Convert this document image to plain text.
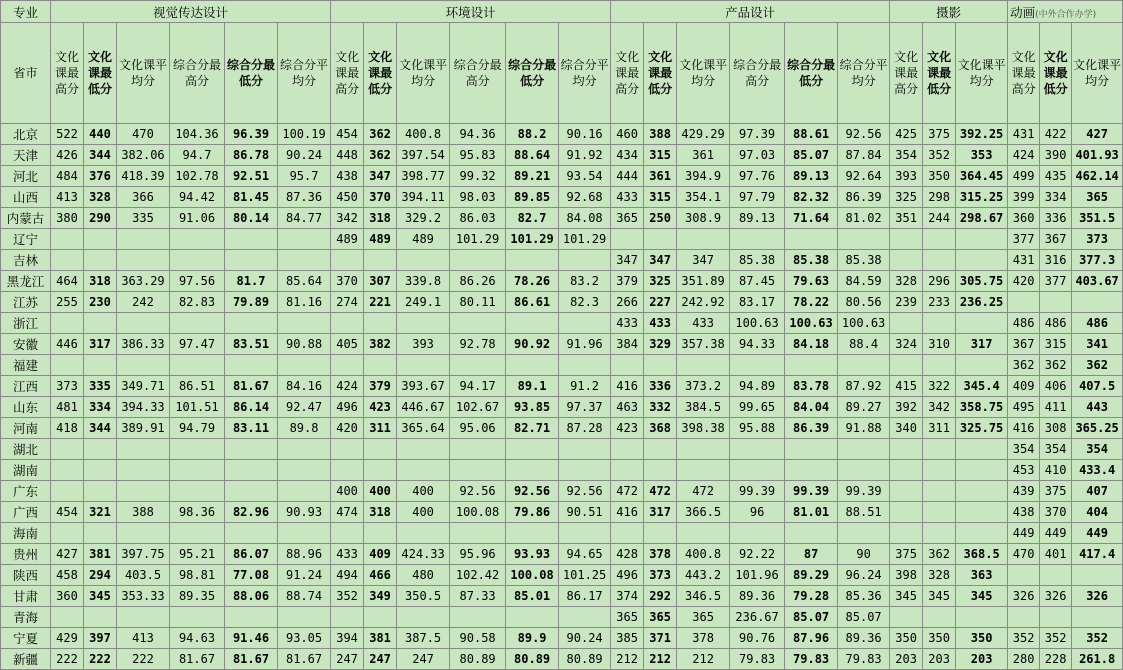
专业	视觉传达设计						环境设计						产品设计						摄影			动画(中外合作办学)		
省市	文化课最高分	文化课最低分	文化课平均分	综合分最高分	综合分最低分	综合分平均分	文化课最高分	文化课最低分	文化课平均分	综合分最高分	综合分最低分	综合分平均分	文化课最高分	文化课最低分	文化课平均分	综合分最高分	综合分最低分	综合分平均分	文化课最高分	文化课最低分	文化课平均分	文化课最高分	文化课最低分	文化课平均分
北京	522	440	470	104.36	96.39	100.19	454	362	400.8	94.36	88.2	90.16	460	388	429.29	97.39	88.61	92.56	425	375	392.25	431	422	427
天津	426	344	382.06	94.7	86.78	90.24	448	362	397.54	95.83	88.64	91.92	434	315	361	97.03	85.07	87.84	354	352	353	424	390	401.93
河北	484	376	418.39	102.78	92.51	95.7	438	347	398.77	99.32	89.21	93.54	444	361	394.9	97.76	89.13	92.64	393	350	364.45	499	435	462.14
山西	413	328	366	94.42	81.45	87.36	450	370	394.11	98.03	89.85	92.68	433	315	354.1	97.79	82.32	86.39	325	298	315.25	399	334	365
内蒙古	380	290	335	91.06	80.14	84.77	342	318	329.2	86.03	82.7	84.08	365	250	308.9	89.13	71.64	81.02	351	244	298.67	360	336	351.5
辽宁							489	489	489	101.29	101.29	101.29										377	367	373
吉林													347	347	347	85.38	85.38	85.38				431	316	377.3
黑龙江	464	318	363.29	97.56	81.7	85.64	370	307	339.8	86.26	78.26	83.2	379	325	351.89	87.45	79.63	84.59	328	296	305.75	420	377	403.67
江苏	255	230	242	82.83	79.89	81.16	274	221	249.1	80.11	86.61	82.3	266	227	242.92	83.17	78.22	80.56	239	233	236.25			
浙江													433	433	433	100.63	100.63	100.63				486	486	486
安徽	446	317	386.33	97.47	83.51	90.88	405	382	393	92.78	90.92	91.96	384	329	357.38	94.33	84.18	88.4	324	310	317	367	315	341
福建																						362	362	362
江西	373	335	349.71	86.51	81.67	84.16	424	379	393.67	94.17	89.1	91.2	416	336	373.2	94.89	83.78	87.92	415	322	345.4	409	406	407.5
山东	481	334	394.33	101.51	86.14	92.47	496	423	446.67	102.67	93.85	97.37	463	332	384.5	99.65	84.04	89.27	392	342	358.75	495	411	443
河南	418	344	389.91	94.79	83.11	89.8	420	311	365.64	95.06	82.71	87.28	423	368	398.38	95.88	86.39	91.88	340	311	325.75	416	308	365.25
湖北																						354	354	354
湖南																						453	410	433.4
广东							400	400	400	92.56	92.56	92.56	472	472	472	99.39	99.39	99.39				439	375	407
广西	454	321	388	98.36	82.96	90.93	474	318	400	100.08	79.86	90.51	416	317	366.5	96	81.01	88.51				438	370	404
海南																						449	449	449
贵州	427	381	397.75	95.21	86.07	88.96	433	409	424.33	95.96	93.93	94.65	428	378	400.8	92.22	87	90	375	362	368.5	470	401	417.4
陕西	458	294	403.5	98.81	77.08	91.24	494	466	480	102.42	100.08	101.25	496	373	443.2	101.96	89.29	96.24	398	328	363			
甘肃	360	345	353.33	89.35	88.06	88.74	352	349	350.5	87.33	85.01	86.17	374	292	346.5	89.36	79.28	85.36	345	345	345	326	326	326
青海													365	365	365	236.67	85.07	85.07						
宁夏	429	397	413	94.63	91.46	93.05	394	381	387.5	90.58	89.9	90.24	385	371	378	90.76	87.96	89.36	350	350	350	352	352	352
新疆	222	222	222	81.67	81.67	81.67	247	247	247	80.89	80.89	80.89	212	212	212	79.83	79.83	79.83	203	203	203	280	228	261.8
